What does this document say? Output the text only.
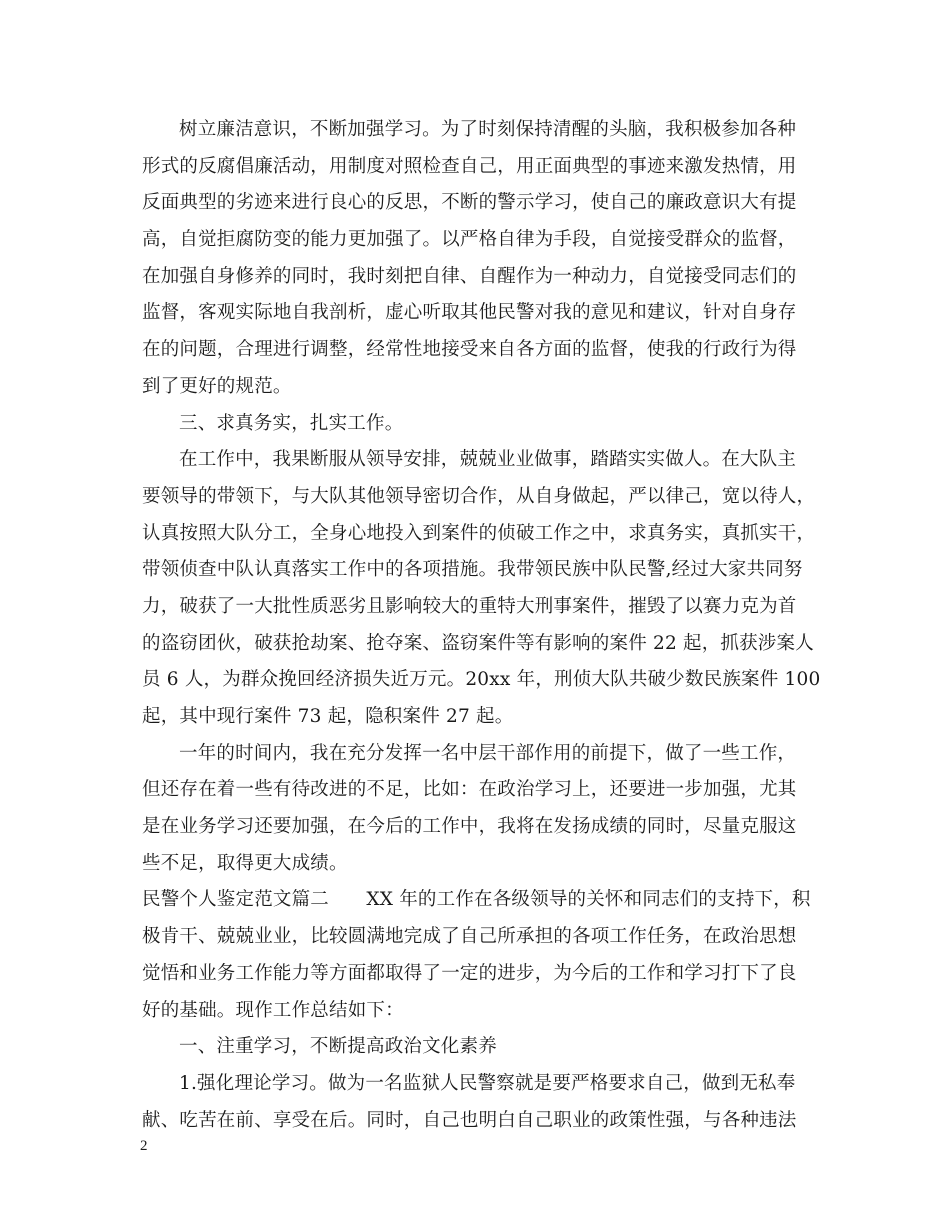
树立廉洁意识，不断加强学习。为了时刻保持清醒的头脑，我积极参加各种
形式的反腐倡廉活动，用制度对照检查自己，用正面典型的事迹来激发热情，用
反面典型的劣迹来进行良心的反思，不断的警示学习，使自己的廉政意识大有提
高，自觉拒腐防变的能力更加强了。以严格自律为手段，自觉接受群众的监督，
在加强自身修养的同时，我时刻把自律、自醒作为一种动力，自觉接受同志们的
监督，客观实际地自我剖析，虚心听取其他民警对我的意见和建议，针对自身存
在的问题，合理进行调整，经常性地接受来自各方面的监督，使我的行政行为得
到了更好的规范。
三、求真务实，扎实工作。
在工作中，我果断服从领导安排，兢兢业业做事，踏踏实实做人。在大队主
要领导的带领下，与大队其他领导密切合作，从自身做起，严以律己，宽以待人，
认真按照大队分工，全身心地投入到案件的侦破工作之中，求真务实，真抓实干，
带领侦查中队认真落实工作中的各项措施。我带领民族中队民警,经过大家共同努
力，破获了一大批性质恶劣且影响较大的重特大刑事案件，摧毁了以赛力克为首
的盗窃团伙，破获抢劫案、抢夺案、盗窃案件等有影响的案件 22 起，抓获涉案人
员 6 人，为群众挽回经济损失近万元。20xx 年，刑侦大队共破少数民族案件 100
起，其中现行案件 73 起，隐积案件 27 起。
一年的时间内，我在充分发挥一名中层干部作用的前提下，做了一些工作，
但还存在着一些有待改进的不足，比如：在政治学习上，还要进一步加强，尤其
是在业务学习还要加强，在今后的工作中，我将在发扬成绩的同时，尽量克服这
些不足，取得更大成绩。
民警个人鉴定范文篇二　　XX 年的工作在各级领导的关怀和同志们的支持下，积
极肯干、兢兢业业，比较圆满地完成了自己所承担的各项工作任务，在政治思想
觉悟和业务工作能力等方面都取得了一定的进步，为今后的工作和学习打下了良
好的基础。现作工作总结如下：
一、注重学习，不断提高政治文化素养
1.强化理论学习。做为一名监狱人民警察就是要严格要求自己，做到无私奉
献、吃苦在前、享受在后。同时，自己也明白自己职业的政策性强，与各种违法
2
